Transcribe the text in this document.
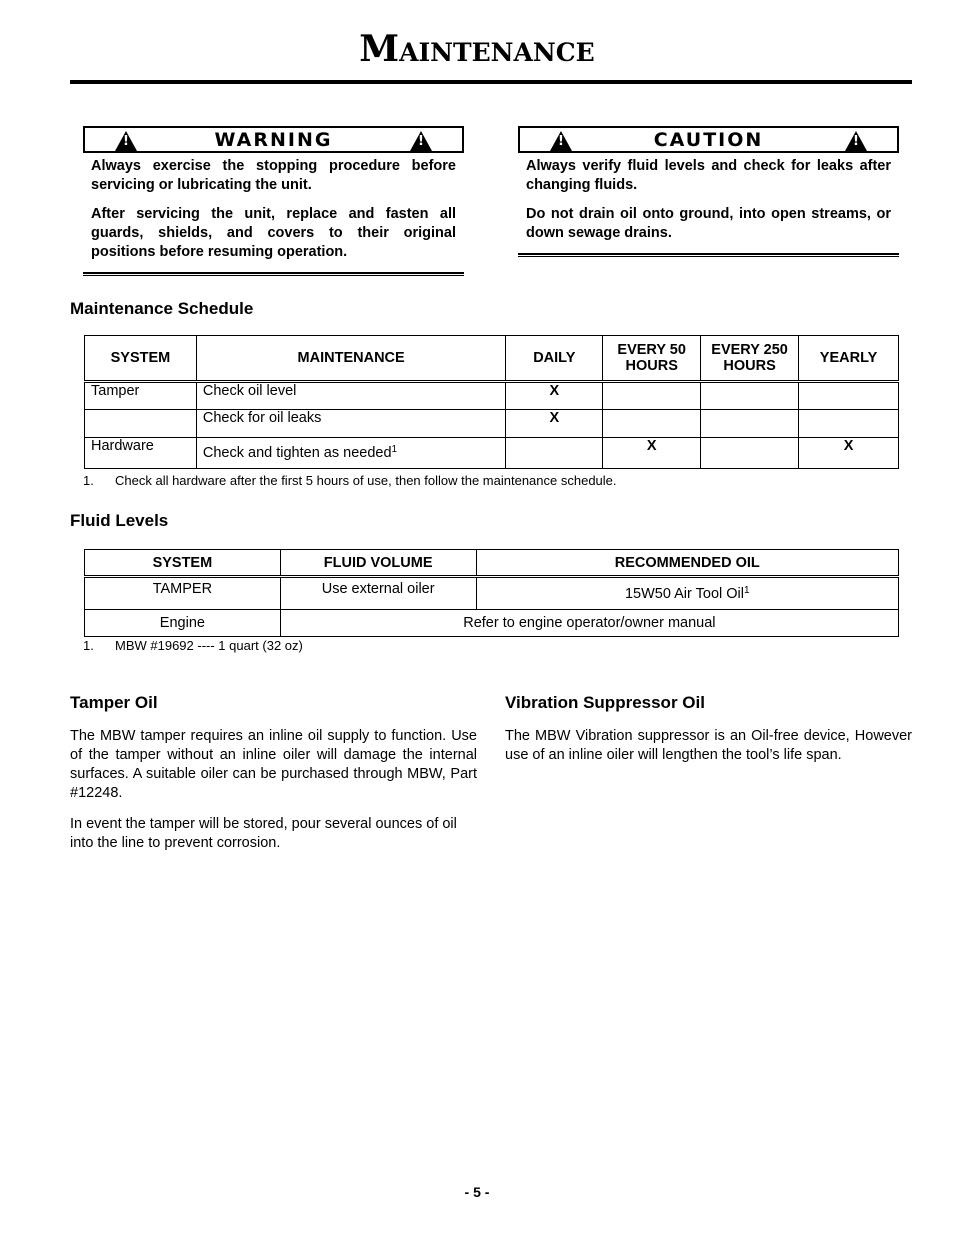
Maintenance
!
WARNING
!

Always exercise the stopping procedure before servicing or lubricating the unit.

After servicing the unit, replace and fasten all guards, shields, and covers to their original positions before resuming operation.

!
CAUTION
!

Always verify fluid levels and check for leaks after changing fluids.

Do not drain oil onto ground, into open streams, or down sewage drains.

Maintenance Schedule
SYSTEM	MAINTENANCE	DAILY	EVERY 50 HOURS	EVERY 250 HOURS	YEARLY
Tamper	Check oil level	X			
	Check for oil leaks	X			
Hardware	Check and tighten as needed$^1$		X		X
1. Check all hardware after the first 5 hours of use, then follow the maintenance schedule.
Fluid Levels
SYSTEM	FLUID VOLUME	RECOMMENDED OIL
TAMPER	Use external oiler	15W50 Air Tool Oil$^1$
Engine	Refer to engine operator/owner manual	
1. MBW #19692 ---- 1 quart (32 oz)
Tamper Oil

The MBW tamper requires an inline oil supply to function. Use of the tamper without an inline oiler will damage the internal surfaces. A suitable oiler can be purchased through MBW, Part #12248.

In event the tamper will be stored, pour several ounces of oil into the line to prevent corrosion.

Vibration Suppressor Oil

The MBW Vibration suppressor is an Oil-free device, However use of an inline oiler will lengthen the tool’s life span.

- 5 -
